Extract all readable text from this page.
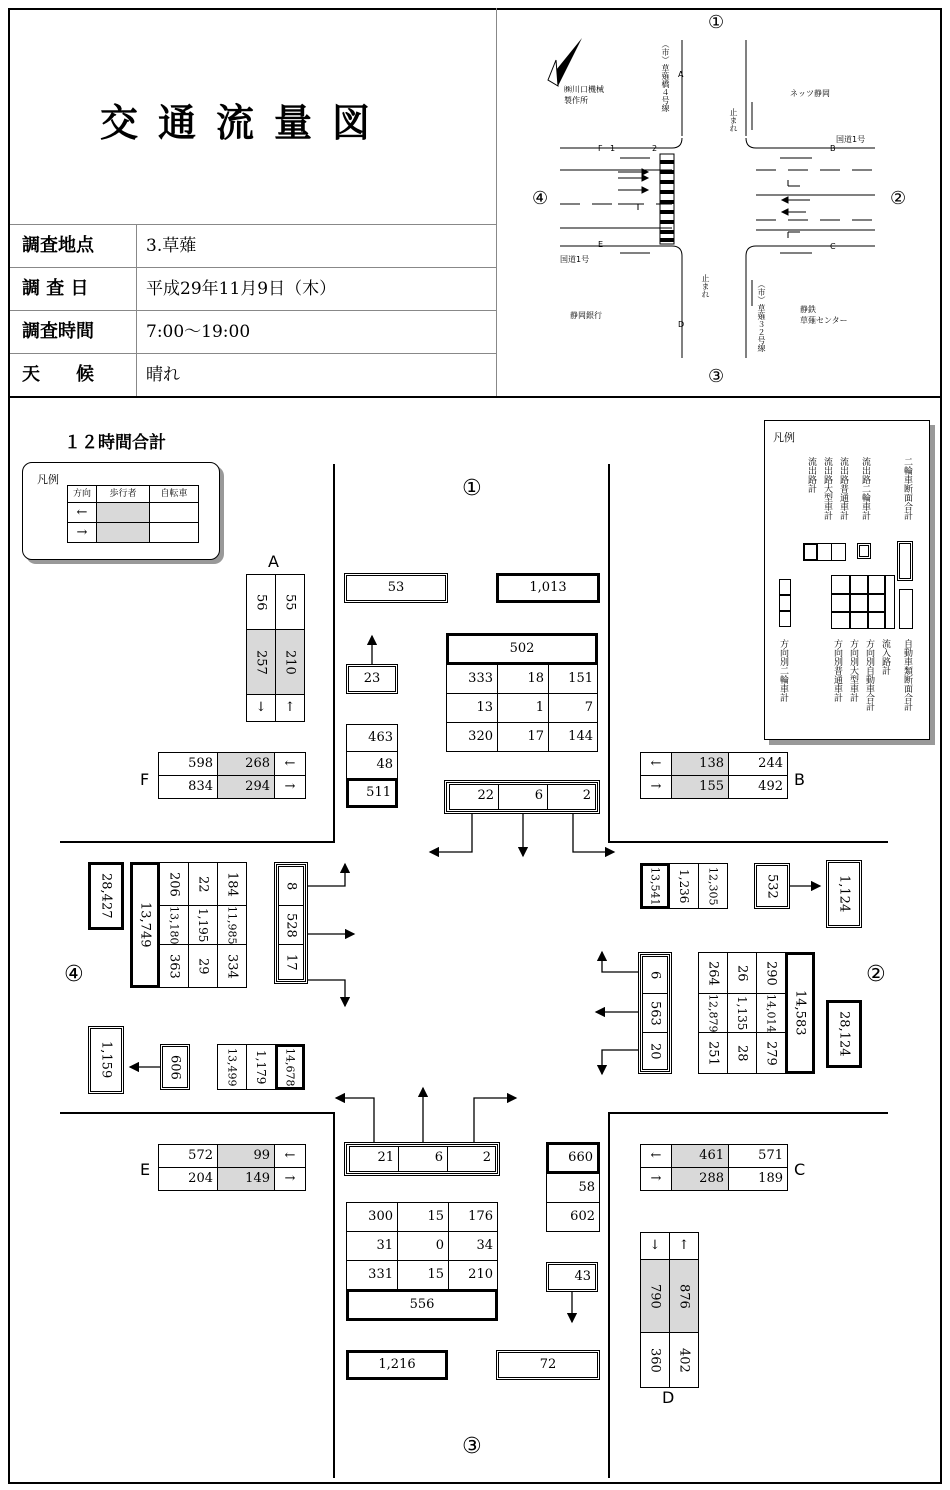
交通流量図
調査地点	3.草薙
調 査 日	平成29年11月9日（木）
調査時間	7:00〜19:00
天　　候	晴れ
①
②
③
④
㈱川口機械
製作所	（市）草薙橋４号線	ネッツ静岡
国道1号
国道1号
静岡銀行
静鉄
草薙センター
（市）草薙３２号線
止まれ
止まれ
A
B
C
D
E
F 1	2
１２時間合計
①
②
③
④
凡例
方向	歩行者	自転車
←
→
凡例
流出路計 流出路大型車計 流出路普通車計 流出路二輪車計	二輪車断面合計
方向別二輪車計	方向別普通車計 方向別大型車計 方向別自動車合計 流入路計 自動車類断面合計
A
56	55
257	210
↓	↑
F
598	268	←
834	294	→
←	138	244
→	155	492 B
E
572	99	←
204	149	→
←	461	571
→	288	189 C
↓	↑
790	876
360	402
D
53	1,013
23
502
333	18	151
13	1	7
320	17	144
463
48
511	22	6	2
21	6	2	660
58
602
300	15	176
31	0	34
331	15	210
556
43
1,216	72
13,541	1,236	12,305	532	1,124
6
563
20
264	26	290
12,879	1,135	14,014
251	28	279
14,583	28,124
28,427
13,749
206	22	184
13,180	1,195	11,985
363	29	334
8
528
17
1,159	606	13,499	1,179	14,678
